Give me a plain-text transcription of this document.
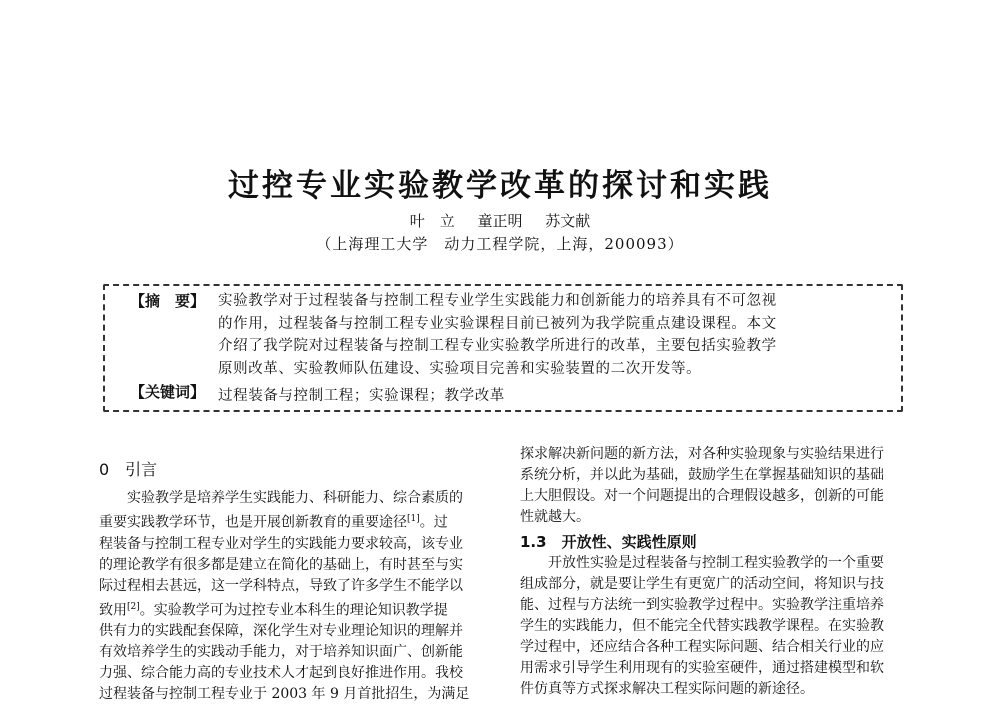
过控专业实验教学改革的探讨和实践
叶　立 童正明 苏文献
（上海理工大学　动力工程学院，上海，200093）
【摘　要】 实验教学对于过程装备与控制工程专业学生实践能力和创新能力的培养具有不可忽视

的作用，过程装备与控制工程专业实验课程目前已被列为我学院重点建设课程。本文

介绍了我学院对过程装备与控制工程专业实验教学所进行的改革，主要包括实验教学

原则改革、实验教师队伍建设、实验项目完善和实验装置的二次开发等。

【关键词】 过程装备与控制工程；实验课程；教学改革
0　引言

　　实验教学是培养学生实践能力、科研能力、综合素质的

重要实践教学环节，也是开展创新教育的重要途径[1]。过

程装备与控制工程专业对学生的实践能力要求较高，该专业

的理论教学有很多都是建立在简化的基础上，有时甚至与实

际过程相去甚远，这一学科特点，导致了许多学生不能学以

致用[2]。实验教学可为过控专业本科生的理论知识教学提

供有力的实践配套保障，深化学生对专业理论知识的理解并

有效培养学生的实践动手能力，对于培养知识面广、创新能

力强、综合能力高的专业技术人才起到良好推进作用。我校

过程装备与控制工程专业于 2003 年 9 月首批招生，为满足

探求解决新问题的新方法，对各种实验现象与实验结果进行

系统分析，并以此为基础，鼓励学生在掌握基础知识的基础

上大胆假设。对一个问题提出的合理假设越多，创新的可能

性就越大。

1.3　开放性、实践性原则

　　开放性实验是过程装备与控制工程实验教学的一个重要

组成部分，就是要让学生有更宽广的活动空间，将知识与技

能、过程与方法统一到实验教学过程中。实验教学注重培养

学生的实践能力，但不能完全代替实践教学课程。在实验教

学过程中，还应结合各种工程实际问题、结合相关行业的应

用需求引导学生利用现有的实验室硬件，通过搭建模型和软

件仿真等方式探求解决工程实际问题的新途径。
